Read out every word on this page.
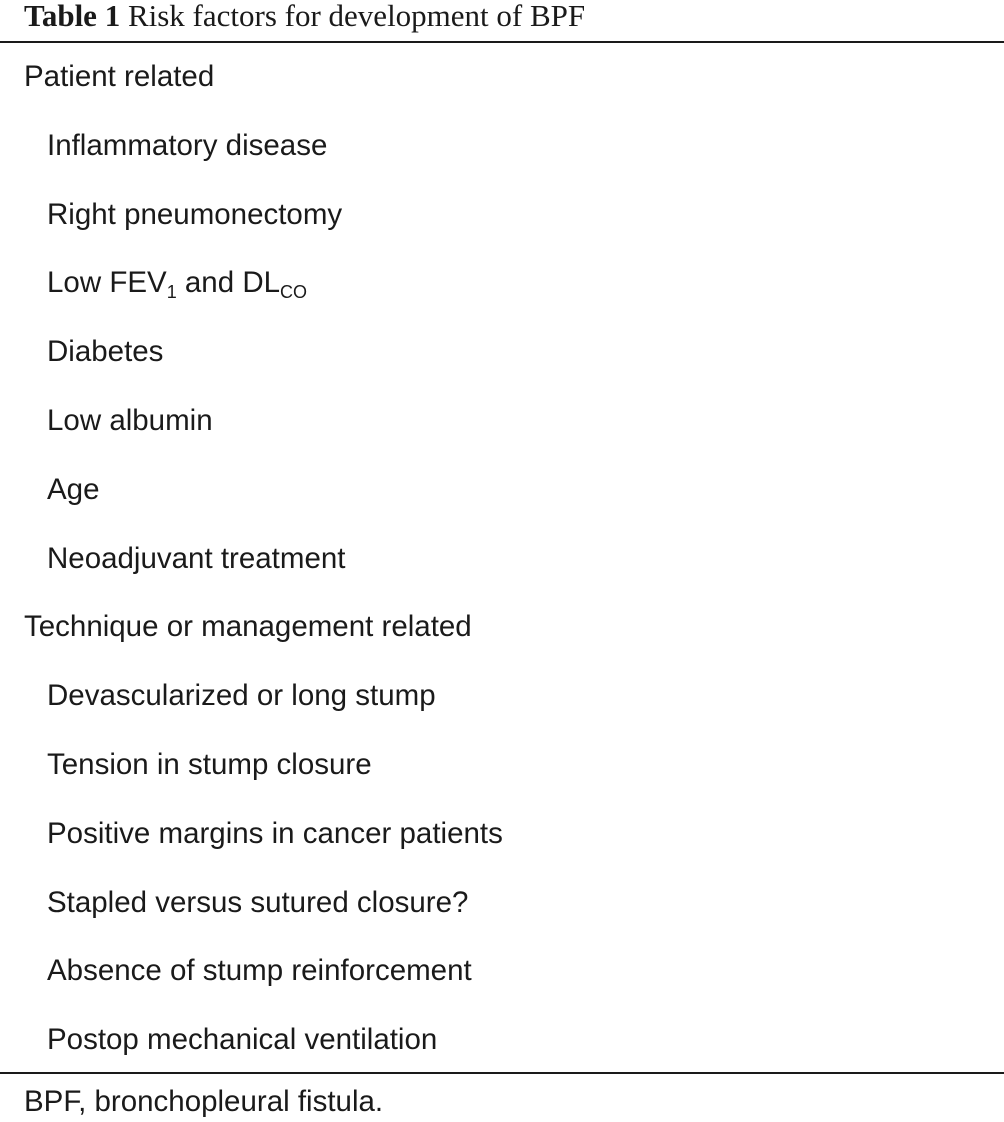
Table 1 Risk factors for development of BPF
Patient related
Inflammatory disease
Right pneumonectomy
Low $FEV_1$ and $DL_{CO}$
Diabetes
Low albumin
Age
Neoadjuvant treatment
Technique or management related
Devascularized or long stump
Tension in stump closure
Positive margins in cancer patients
Stapled versus sutured closure?
Absence of stump reinforcement
Postop mechanical ventilation
BPF, bronchopleural fistula.
